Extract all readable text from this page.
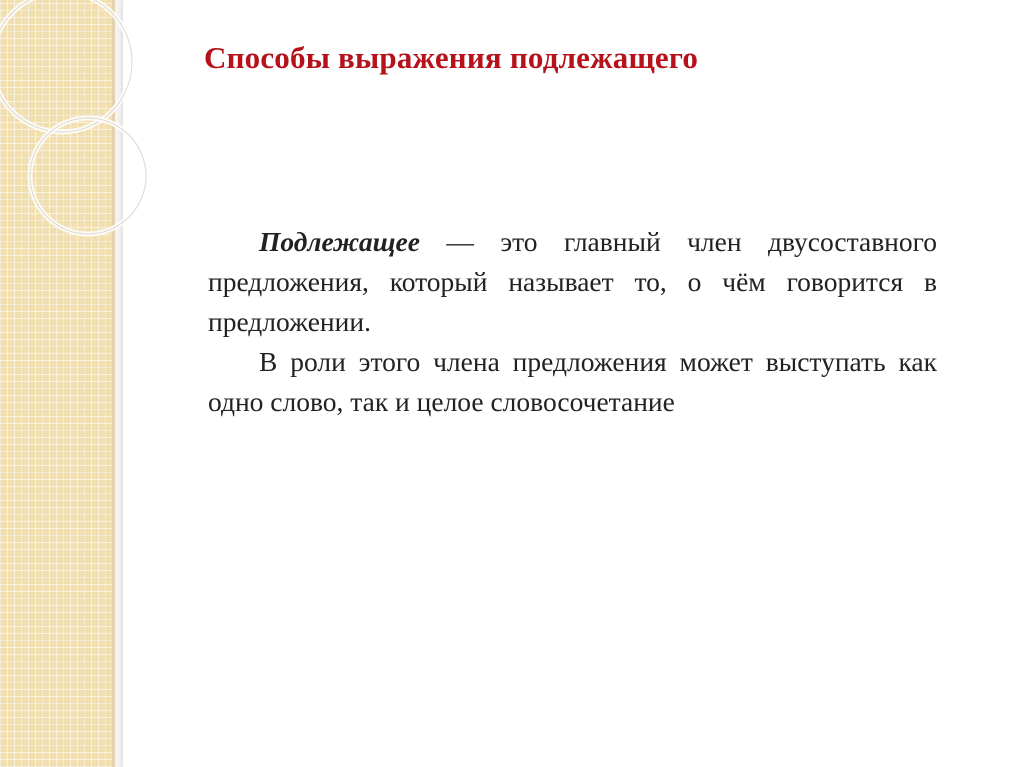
Способы выражения подлежащего

Подлежащее — это главный член двусоставного предложения, который называет то, о чём говорится в предложении.

В роли этого члена предложения может выступать как одно слово, так и целое словосочетание
